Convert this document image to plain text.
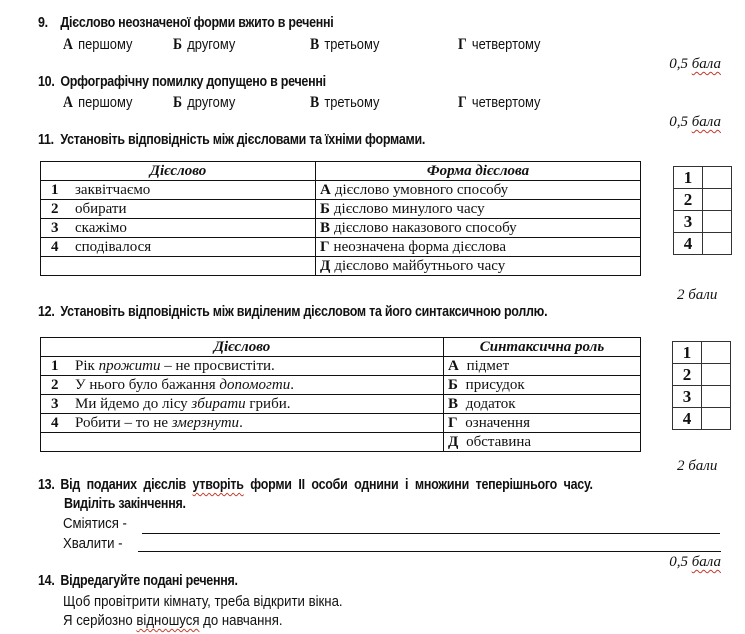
9. Дієслово неозначеної форми вжито в реченні
А першому	Б другому	В третьому	Г четвертому
0,5 бала
10. Орфографічну помилку допущено в реченні
А першому	Б другому	В третьому	Г четвертому
0,5 бала
11. Установіть відповідність між дієсловами та їхніми формами.
Дієслово	Форма дієслова
1 заквітчаємо	А дієслово умовного способу
2 обирати	Б дієслово минулого часу
3 скажімо	В дієслово наказового способу
4 сподівалося	Г неозначена форма дієслова
	Д дієслово майбутнього часу
1	
2	
3	
4	
2 бали
12. Установіть відповідність між виділеним дієсловом та його синтаксичною роллю.
Дієслово	Синтаксична роль
1 Рік прожити – не просвистіти.	А підмет
2 У нього було бажання допомогти.	Б присудок
3 Ми йдемо до лісу збирати гриби.	В додаток
4 Робити – то не змерзнути.	Г означення
	Д обставина
1	
2	
3	
4	
2 бали
13. Від поданих дієслів утворіть форми ІІ особи однини і множини теперішнього часу.
Виділіть закінчення.
Сміятися -
Хвалити -
0,5 бала
14. Відредагуйте подані речення.
Щоб провітрити кімнату, треба відкрити вікна.
Я серйозно відношуся до навчання.
